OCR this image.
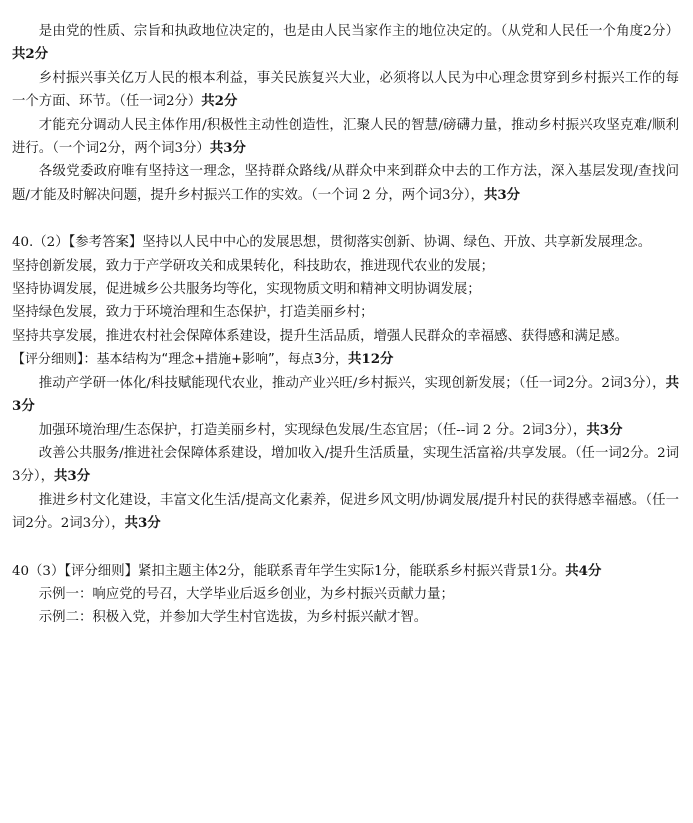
是由党的性质、宗旨和执政地位决定的，也是由人民当家作主的地位决定的。（从党和人民任一个角度2分）共2分

乡村振兴事关亿万人民的根本利益，事关民族复兴大业，必须将以人民为中心理念贯穿到乡村振兴工作的每一个方面、环节。（任一词2分）共2分

才能充分调动人民主体作用/积极性主动性创造性，汇聚人民的智慧/磅礴力量，推动乡村振兴攻坚克难/顺利进行。（一个词2分，两个词3分）共3分

各级党委政府唯有坚持这一理念，坚持群众路线/从群众中来到群众中去的工作方法，深入基层发现/查找问题/才能及时解决问题，提升乡村振兴工作的实效。（一个词 2 分，两个词3分），共3分

40.（2）【参考答案】坚持以人民中中心的发展思想，贯彻落实创新、协调、绿色、开放、共享新发展理念。

坚持创新发展，致力于产学研攻关和成果转化，科技助农，推进现代农业的发展；

坚持协调发展，促进城乡公共服务均等化，实现物质文明和精神文明协调发展；

坚持绿色发展，致力于环境治理和生态保护，打造美丽乡村；

坚持共享发展，推进农村社会保障体系建设，提升生活品质，增强人民群众的幸福感、获得感和满足感。

【评分细则】：基本结构为“理念+措施+影响”，每点3分，共12分

推动产学研一体化/科技赋能现代农业，推动产业兴旺/乡村振兴，实现创新发展；（任一词2分。2词3分），共3分

加强环境治理/生态保护，打造美丽乡村，实现绿色发展/生态宜居；（任--词 2 分。2词3分），共3分

改善公共服务/推进社会保障体系建设，增加收入/提升生活质量，实现生活富裕/共享发展。（任一词2分。2词3分），共3分

推进乡村文化建设，丰富文化生活/提高文化素养，促进乡风文明/协调发展/提升村民的获得感幸福感。（任一词2分。2词3分），共3分

40（3）【评分细则】紧扣主题主体2分，能联系青年学生实际1分，能联系乡村振兴背景1分。共4分

示例一：响应党的号召，大学毕业后返乡创业，为乡村振兴贡献力量；

示例二：积极入党，并参加大学生村官选拔，为乡村振兴献才智。
